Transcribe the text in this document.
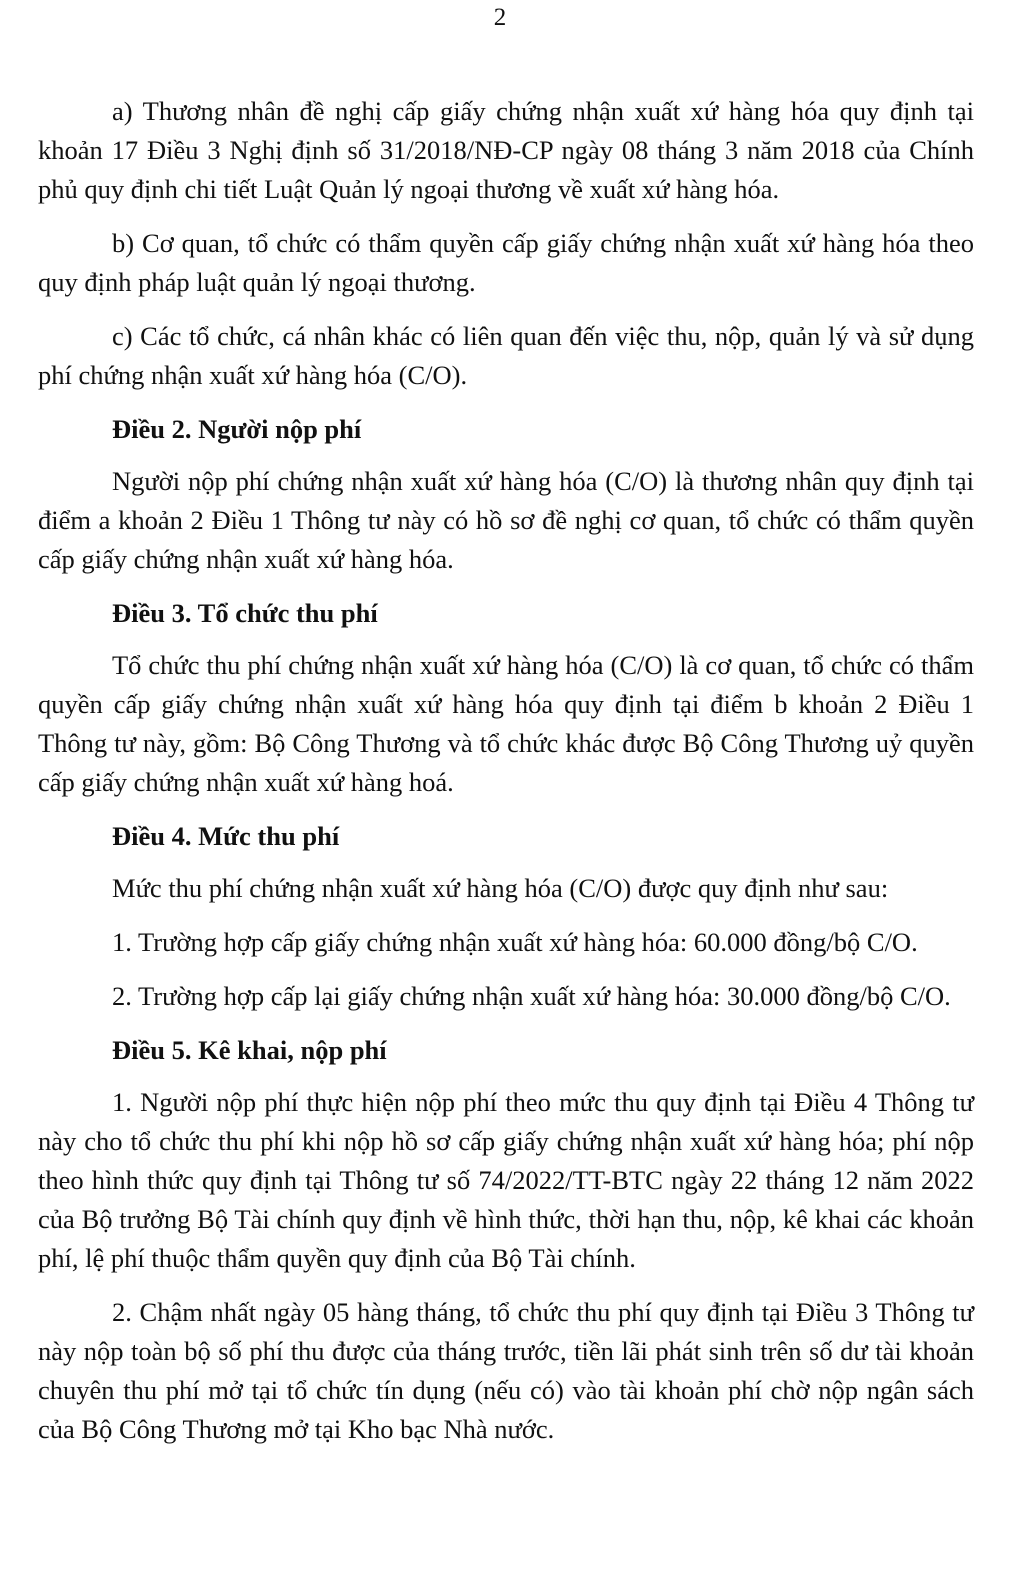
2

a) Thương nhân đề nghị cấp giấy chứng nhận xuất xứ hàng hóa quy định tại khoản 17 Điều 3 Nghị định số 31/2018/NĐ-CP ngày 08 tháng 3 năm 2018 của Chính phủ quy định chi tiết Luật Quản lý ngoại thương về xuất xứ hàng hóa.

b) Cơ quan, tổ chức có thẩm quyền cấp giấy chứng nhận xuất xứ hàng hóa theo quy định pháp luật quản lý ngoại thương.

c) Các tổ chức, cá nhân khác có liên quan đến việc thu, nộp, quản lý và sử dụng phí chứng nhận xuất xứ hàng hóa (C/O).

Điều 2. Người nộp phí

Người nộp phí chứng nhận xuất xứ hàng hóa (C/O) là thương nhân quy định tại điểm a khoản 2 Điều 1 Thông tư này có hồ sơ đề nghị cơ quan, tổ chức có thẩm quyền cấp giấy chứng nhận xuất xứ hàng hóa.

Điều 3. Tổ chức thu phí

Tổ chức thu phí chứng nhận xuất xứ hàng hóa (C/O) là cơ quan, tổ chức có thẩm quyền cấp giấy chứng nhận xuất xứ hàng hóa quy định tại điểm b khoản 2 Điều 1 Thông tư này, gồm: Bộ Công Thương và tổ chức khác được Bộ Công Thương uỷ quyền cấp giấy chứng nhận xuất xứ hàng hoá.

Điều 4. Mức thu phí

Mức thu phí chứng nhận xuất xứ hàng hóa (C/O) được quy định như sau:

1. Trường hợp cấp giấy chứng nhận xuất xứ hàng hóa: 60.000 đồng/bộ C/O.

2. Trường hợp cấp lại giấy chứng nhận xuất xứ hàng hóa: 30.000 đồng/bộ C/O.

Điều 5. Kê khai, nộp phí

1. Người nộp phí thực hiện nộp phí theo mức thu quy định tại Điều 4 Thông tư này cho tổ chức thu phí khi nộp hồ sơ cấp giấy chứng nhận xuất xứ hàng hóa; phí nộp theo hình thức quy định tại Thông tư số 74/2022/TT-BTC ngày 22 tháng 12 năm 2022 của Bộ trưởng Bộ Tài chính quy định về hình thức, thời hạn thu, nộp, kê khai các khoản phí, lệ phí thuộc thẩm quyền quy định của Bộ Tài chính.

2. Chậm nhất ngày 05 hàng tháng, tổ chức thu phí quy định tại Điều 3 Thông tư này nộp toàn bộ số phí thu được của tháng trước, tiền lãi phát sinh trên số dư tài khoản chuyên thu phí mở tại tổ chức tín dụng (nếu có) vào tài khoản phí chờ nộp ngân sách của Bộ Công Thương mở tại Kho bạc Nhà nước.
